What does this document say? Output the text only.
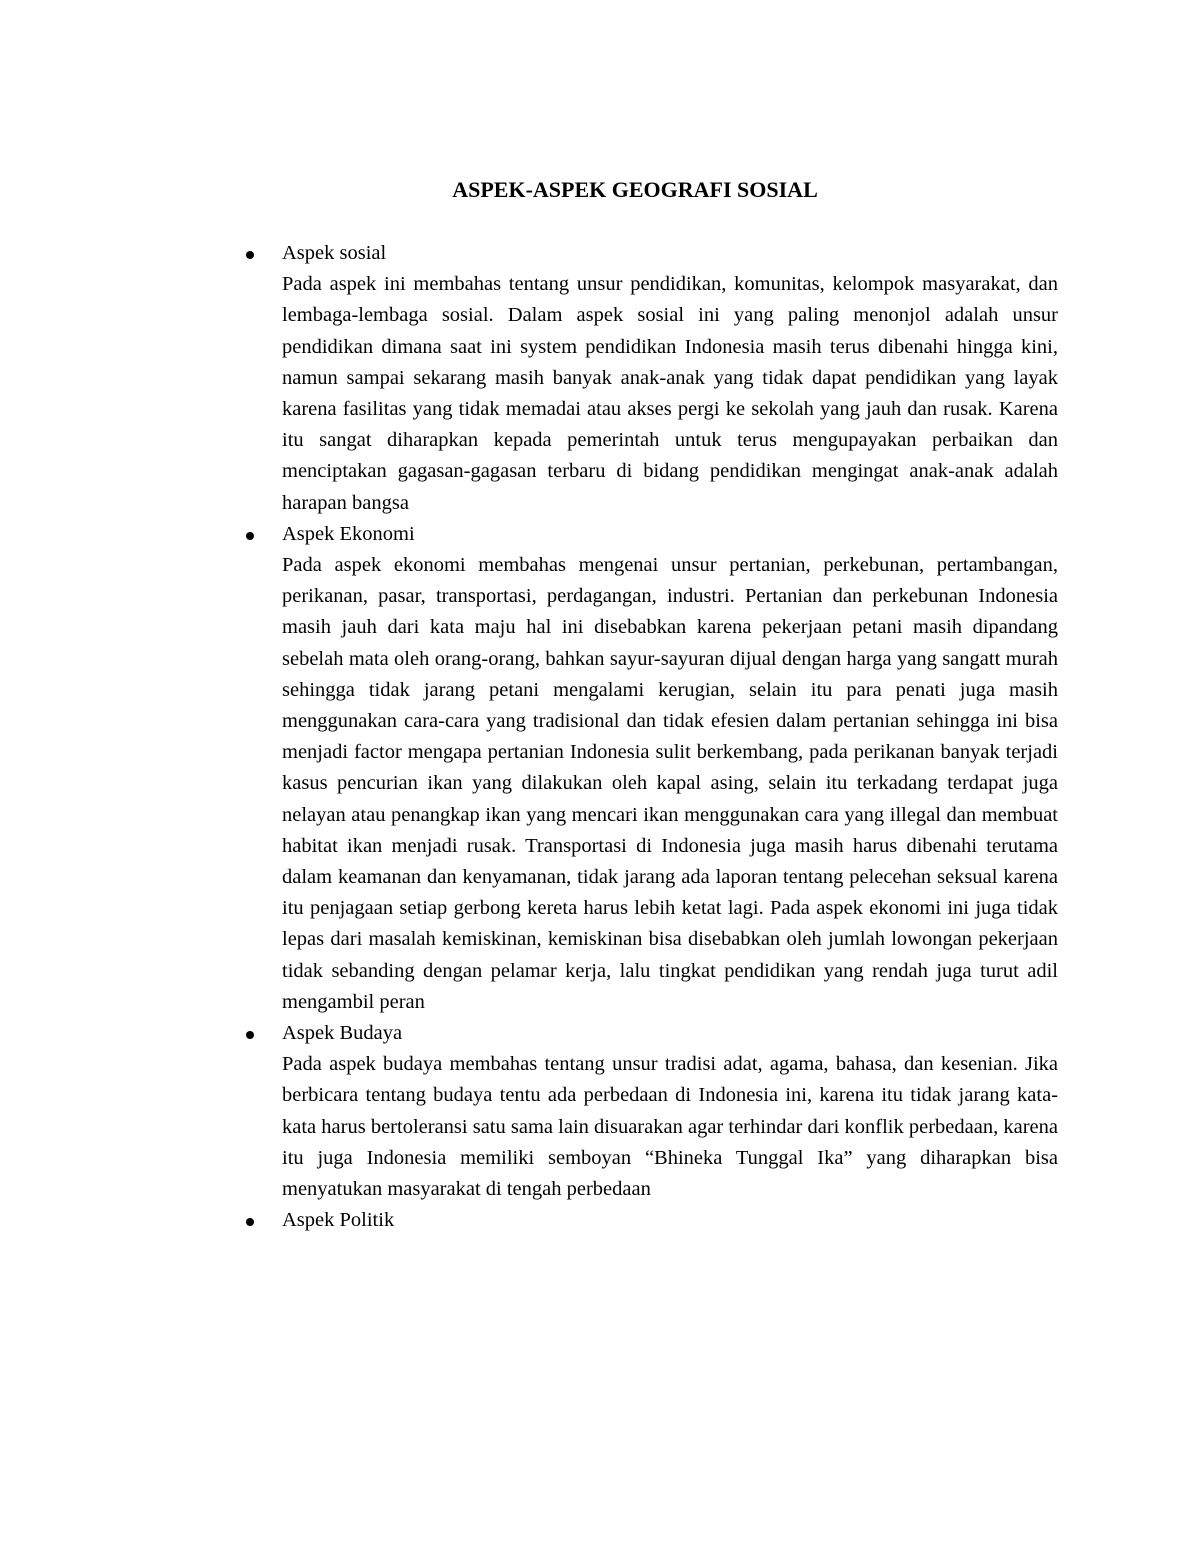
ASPEK-ASPEK GEOGRAFI SOSIAL
Aspek sosial

Pada aspek ini membahas tentang unsur pendidikan, komunitas, kelompok masyarakat, dan lembaga-lembaga sosial. Dalam aspek sosial ini yang paling menonjol adalah unsur pendidikan dimana saat ini system pendidikan Indonesia masih terus dibenahi hingga kini, namun sampai sekarang masih banyak anak-anak yang tidak dapat pendidikan yang layak karena fasilitas yang tidak memadai atau akses pergi ke sekolah yang jauh dan rusak. Karena itu sangat diharapkan kepada pemerintah untuk terus mengupayakan perbaikan dan menciptakan gagasan-gagasan terbaru di bidang pendidikan mengingat anak-anak adalah harapan bangsa

Aspek Ekonomi

Pada aspek ekonomi membahas mengenai unsur pertanian, perkebunan, pertambangan, perikanan, pasar, transportasi, perdagangan, industri. Pertanian dan perkebunan Indonesia masih jauh dari kata maju hal ini disebabkan karena pekerjaan petani masih dipandang sebelah mata oleh orang-orang, bahkan sayur-sayuran dijual dengan harga yang sangatt murah sehingga tidak jarang petani mengalami kerugian, selain itu para penati juga masih menggunakan cara-cara yang tradisional dan tidak efesien dalam pertanian sehingga ini bisa menjadi factor mengapa pertanian Indonesia sulit berkembang, pada perikanan banyak terjadi kasus pencurian ikan yang dilakukan oleh kapal asing, selain itu terkadang terdapat juga nelayan atau penangkap ikan yang mencari ikan menggunakan cara yang illegal dan membuat habitat ikan menjadi rusak. Transportasi di Indonesia juga masih harus dibenahi terutama dalam keamanan dan kenyamanan, tidak jarang ada laporan tentang pelecehan seksual karena itu penjagaan setiap gerbong kereta harus lebih ketat lagi. Pada aspek ekonomi ini juga tidak lepas dari masalah kemiskinan, kemiskinan bisa disebabkan oleh jumlah lowongan pekerjaan tidak sebanding dengan pelamar kerja, lalu tingkat pendidikan yang rendah juga turut adil mengambil peran

Aspek Budaya

Pada aspek budaya membahas tentang unsur tradisi adat, agama, bahasa, dan kesenian. Jika berbicara tentang budaya tentu ada perbedaan di Indonesia ini, karena itu tidak jarang kata-kata harus bertoleransi satu sama lain disuarakan agar terhindar dari konflik perbedaan, karena itu juga Indonesia memiliki semboyan “Bhineka Tunggal Ika” yang diharapkan bisa menyatukan masyarakat di tengah perbedaan

Aspek Politik
